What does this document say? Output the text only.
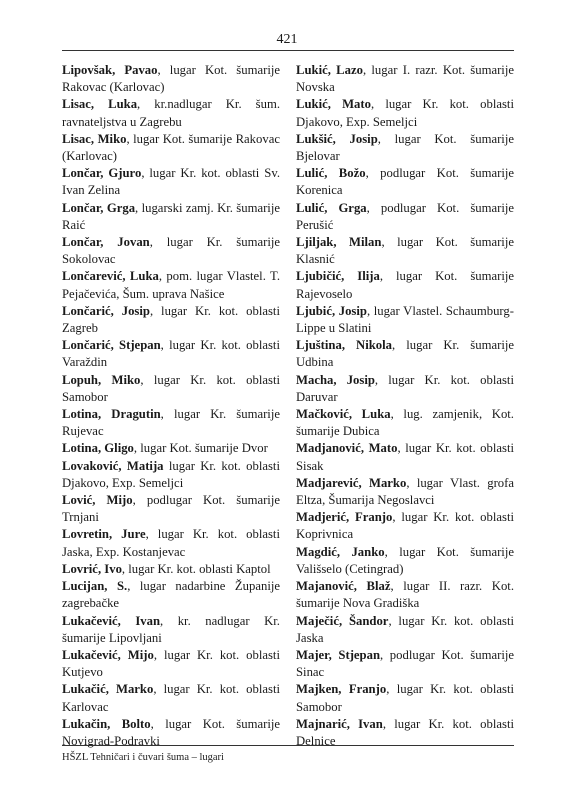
421

Lipovšak, Pavao, lugar Kot. šumarije Rakovac (Karlovac)

Lisac, Luka, kr.nadlugar Kr. šum. ravnateljstva u Zagrebu

Lisac, Miko, lugar Kot. šumarije Rakovac (Karlovac)

Lončar, Gjuro, lugar Kr. kot. oblasti Sv. Ivan Zelina

Lončar, Grga, lugarski zamj. Kr. šumarije Raić

Lončar, Jovan, lugar Kr. šumarije Sokolovac

Lončarević, Luka, pom. lugar Vlastel. T. Pejačevića, Šum. uprava Našice

Lončarić, Josip, lugar Kr. kot. oblasti Zagreb

Lončarić, Stjepan, lugar Kr. kot. oblasti Varaždin

Lopuh, Miko, lugar Kr. kot. oblasti Samobor

Lotina, Dragutin, lugar Kr. šumarije Rujevac

Lotina, Gligo, lugar Kot. šumarije Dvor

Lovaković, Matija lugar Kr. kot. oblasti Djakovo, Exp. Semeljci

Lović, Mijo, podlugar Kot. šumarije Trnjani

Lovretin, Jure, lugar Kr. kot. oblasti Jaska, Exp. Kostanjevac

Lovrić, Ivo, lugar Kr. kot. oblasti Kaptol

Lucijan, S., lugar nadarbine Županije zagrebačke

Lukačević, Ivan, kr. nadlugar Kr. šumarije Lipovljani

Lukačević, Mijo, lugar Kr. kot. oblasti Kutjevo

Lukačić, Marko, lugar Kr. kot. oblasti Karlovac

Lukačin, Bolto, lugar Kot. šumarije Novigrad-Podravki

Lukić, Lazo, lugar I. razr. Kot. šumarije Novska

Lukić, Mato, lugar Kr. kot. oblasti Djakovo, Exp. Semeljci

Lukšić, Josip, lugar Kot. šumarije Bjelovar

Lulić, Božo, podlugar Kot. šumarije Korenica

Lulić, Grga, podlugar Kot. šumarije Perušić

Ljiljak, Milan, lugar Kot. šumarije Klasnić

Ljubičić, Ilija, lugar Kot. šumarije Rajevoselo

Ljubić, Josip, lugar Vlastel. Schaumburg-Lippe u Slatini

Ljuština, Nikola, lugar Kr. šumarije Udbina

Macha, Josip, lugar Kr. kot. oblasti Daruvar

Mačković, Luka, lug. zamjenik, Kot. šumarije Dubica

Madjanović, Mato, lugar Kr. kot. oblasti Sisak

Madjarević, Marko, lugar Vlast. grofa Eltza, Šumarija Negoslavci

Madjerić, Franjo, lugar Kr. kot. oblasti Koprivnica

Magdić, Janko, lugar Kot. šumarije Vališselo (Cetingrad)

Majanović, Blaž, lugar II. razr. Kot. šumarije Nova Gradiška

Maječić, Šandor, lugar Kr. kot. oblasti Jaska

Majer, Stjepan, podlugar Kot. šumarije Sinac

Majken, Franjo, lugar Kr. kot. oblasti Samobor

Majnarić, Ivan, lugar Kr. kot. oblasti Delnice

HŠZL Tehničari i čuvari šuma – lugari
